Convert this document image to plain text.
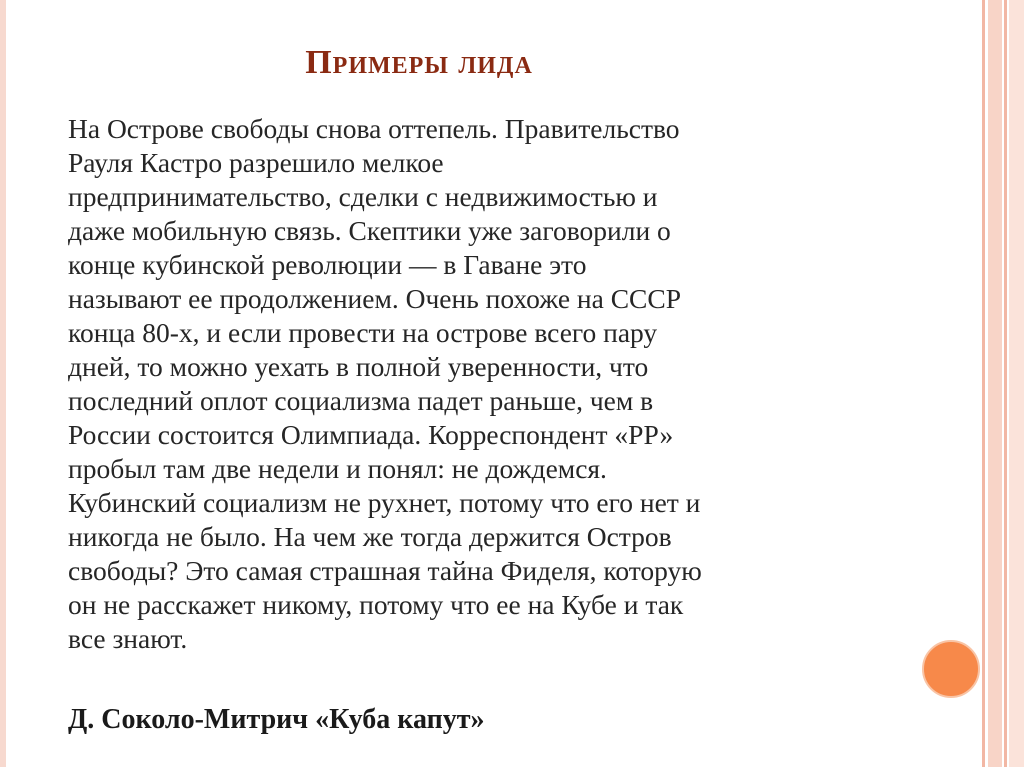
Примеры лида

На Острове свободы снова оттепель. Правительство
Рауля Кастро разрешило мелкое
предпринимательство, сделки с недвижимостью и
даже мобильную связь. Скептики уже заговорили о
конце кубинской революции — в Гаване это
называют ее продолжением. Очень похоже на СССР
конца 80-х, и если провести на острове всего пару
дней, то можно уехать в полной уверенности, что
последний оплот социализма падет раньше, чем в
России состоится Олимпиада. Корреспондент «РР»
пробыл там две недели и понял: не дождемся.
Кубинский социализм не рухнет, потому что его нет и
никогда не было. На чем же тогда держится Остров
свободы? Это самая страшная тайна Фиделя, которую
он не расскажет никому, потому что ее на Кубе и так
все знают.

Д. Соколо-Митрич «Куба капут»
